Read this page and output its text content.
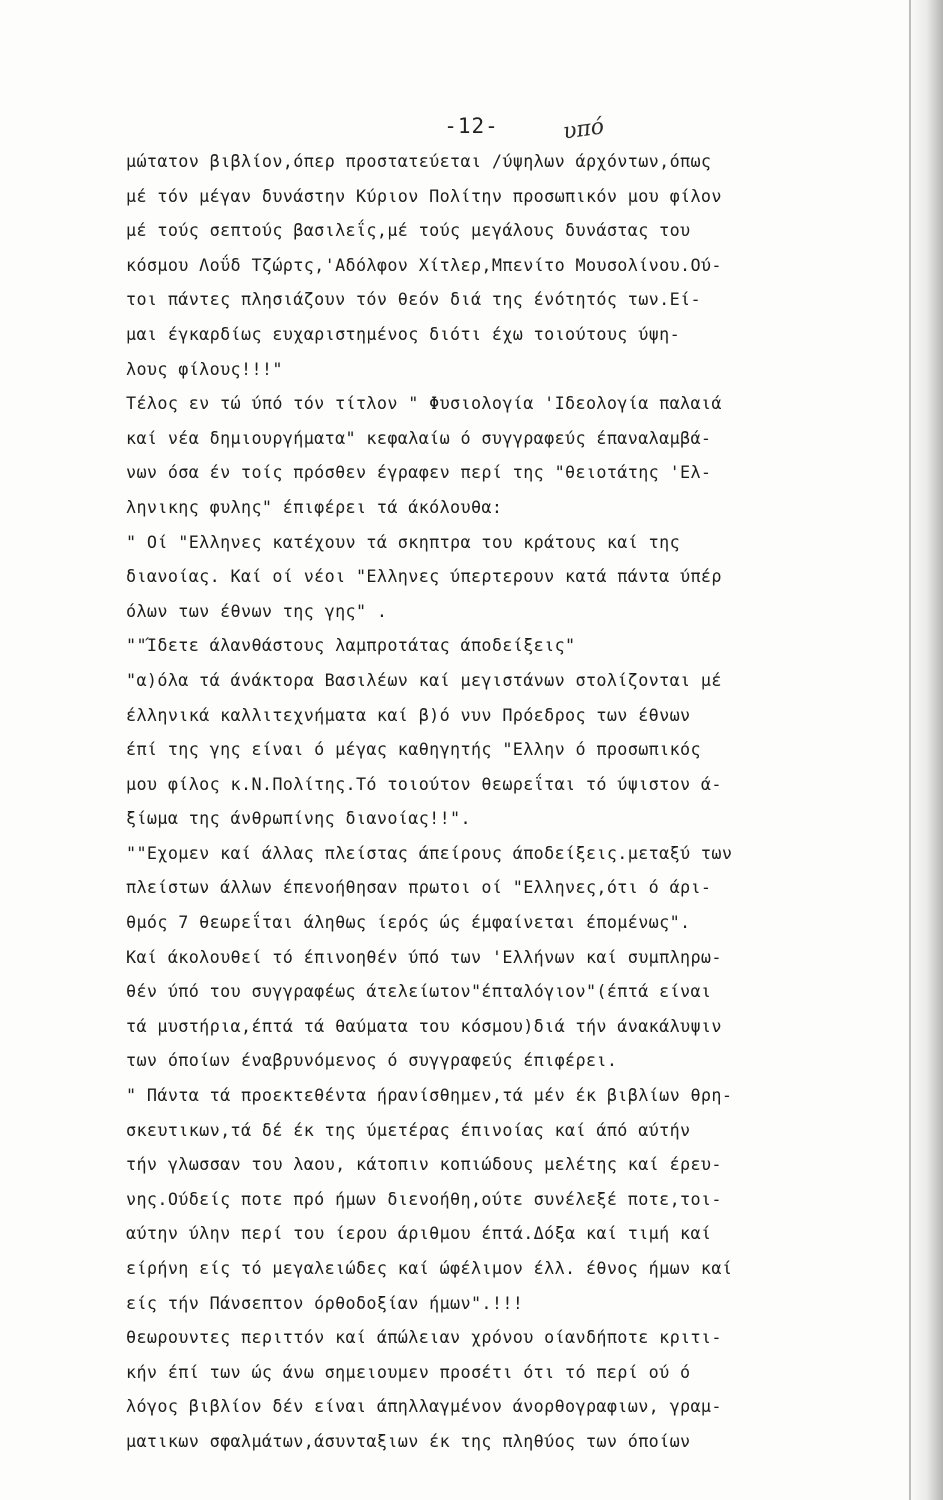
-12-	υπό
μώτατον βιβλίον,όπερ προστατεύεται /ύψηλων άρχόντων,όπως
μέ τόν μέγαν δυνάστην Κύριον Πολίτην προσωπικόν μου φίλον
μέ τούς σεπτούς βασιλεΐς,μέ τούς μεγάλους δυνάστας του
κόσμου Λοΰδ Τζώρτς,'Αδόλφον Χίτλερ,Μπενίτο Μουσολίνου.Ού-
τοι πάντες πλησιάζουν τόν θεόν διά της ένότητός των.Εί-
μαι έγκαρδίως ευχαριστημένος διότι έχω τοιούτους ύψη-
λους φίλους!!!"
Τέλος εν τώ ύπό τόν τίτλον " Φυσιολογία 'Ιδεολογία παλαιά
καί νέα δημιουργήματα" κεφαλαίω ό συγγραφεύς έπαναλαμβά-
νων όσα έν τοίς πρόσθεν έγραφεν περί της "θειοτάτης 'Ελ-
ληνικης φυλης" έπιφέρει τά άκόλουθα:
" Οί "Ελληνες κατέχουν τά σκηπτρα του κράτους καί της
διανοίας. Καί οί νέοι "Ελληνες ύπερτερουν κατά πάντα ύπέρ
όλων των έθνων της γης" .
""Ίδετε άλανθάστους λαμπροτάτας άποδείξεις"
"α)όλα τά άνάκτορα Βασιλέων καί μεγιστάνων στολίζονται μέ
έλληνικά καλλιτεχνήματα καί β)ό νυν Πρόεδρος των έθνων
έπί της γης είναι ό μέγας καθηγητής "Ελλην ό προσωπικός
μου φίλος κ.Ν.Πολίτης.Τό τοιούτον θεωρεΐται τό ύψιστον ά-
ξίωμα της άνθρωπίνης διανοίας!!".
""Εχομεν καί άλλας πλείστας άπείρους άποδείξεις.μεταξύ των
πλείστων άλλων έπενοήθησαν πρωτοι οί "Ελληνες,ότι ό άρι-
θμός 7 θεωρεΐται άληθως ίερός ώς έμφαίνεται έπομένως".
Καί άκολουθεί τό έπινοηθέν ύπό των 'Ελλήνων καί συμπληρω-
θέν ύπό του συγγραφέως άτελείωτον"έπταλόγιον"(έπτά είναι
τά μυστήρια,έπτά τά θαύματα του κόσμου)διά τήν άνακάλυψιν
των όποίων έναβρυνόμενος ό συγγραφεύς έπιφέρει.
" Πάντα τά προεκτεθέντα ήρανίσθημεν,τά μέν έκ βιβλίων θρη-
σκευτικων,τά δέ έκ της ύμετέρας έπινοίας καί άπό αύτήν
τήν γλωσσαν του λαου, κάτοπιν κοπιώδους μελέτης καί έρευ-
νης.Ούδείς ποτε πρό ήμων διενοήθη,ούτε συνέλεξέ ποτε,τοι-
αύτην ύλην περί του ίερου άριθμου έπτά.Δόξα καί τιμή καί
είρήνη είς τό μεγαλειώδες καί ώφέλιμον έλλ. έθνος ήμων καί
είς τήν Πάνσεπτον όρθοδοξίαν ήμων".!!!
θεωρουντες περιττόν καί άπώλειαν χρόνου οίανδήποτε κριτι-
κήν έπί των ώς άνω σημειουμεν προσέτι ότι τό περί ού ό
λόγος βιβλίον δέν είναι άπηλλαγμένον άνορθογραφιων, γραμ-
ματικων σφαλμάτων,άσυνταξιων έκ της πληθύος των όποίων
